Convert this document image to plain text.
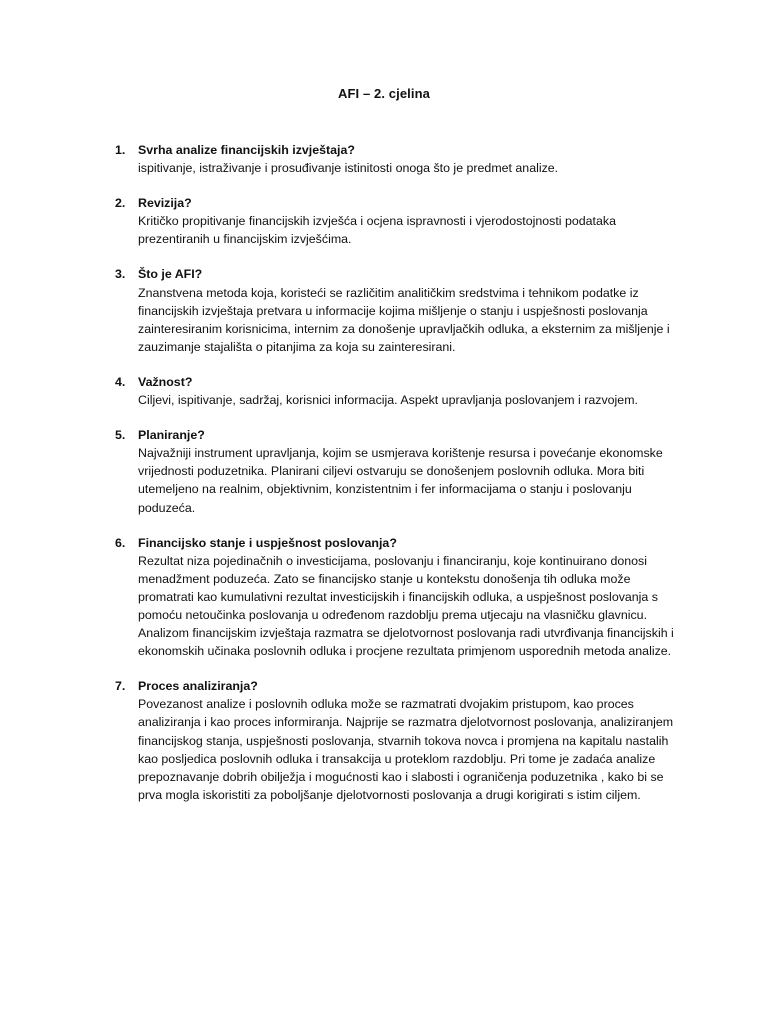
AFI – 2. cjelina
1. Svrha analize financijskih izvještaja?
ispitivanje, istraživanje i prosuđivanje istinitosti onoga što je predmet analize.
2. Revizija?
Kritičko propitivanje financijskih izvješća i ocjena ispravnosti i vjerodostojnosti podataka prezentiranih u financijskim izvješćima.
3. Što je AFI?
Znanstvena metoda koja, koristeći se različitim analitičkim sredstvima i tehnikom podatke iz financijskih izvještaja pretvara u informacije kojima mišljenje o stanju i uspješnosti poslovanja zainteresiranim korisnicima, internim za donošenje upravljačkih odluka, a eksternim za mišljenje i zauzimanje stajališta o pitanjima za koja su zainteresirani.
4. Važnost?
Ciljevi, ispitivanje, sadržaj, korisnici informacija. Aspekt upravljanja poslovanjem i razvojem.
5. Planiranje?
Najvažniji instrument upravljanja, kojim se usmjerava korištenje resursa i povećanje ekonomske vrijednosti poduzetnika. Planirani ciljevi ostvaruju se donošenjem poslovnih odluka. Mora biti utemeljeno na realnim, objektivnim, konzistentnim i fer informacijama o stanju i poslovanju poduzeća.
6. Financijsko stanje i uspješnost poslovanja?
Rezultat niza pojedinačnih o investicijama, poslovanju i financiranju, koje kontinuirano donosi menadžment poduzeća. Zato se financijsko stanje u kontekstu donošenja tih odluka može promatrati kao kumulativni rezultat investicijskih i financijskih odluka, a uspješnost poslovanja s pomoću netoučinka poslovanja u određenom razdoblju prema utjecaju na vlasničku glavnicu. Analizom financijskim izvještaja razmatra se djelotvornost poslovanja radi utvrđivanja financijskih i ekonomskih učinaka poslovnih odluka i procjene rezultata primjenom usporednih metoda analize.
7. Proces analiziranja?
Povezanost analize i poslovnih odluka može se razmatrati dvojakim pristupom, kao proces analiziranja i kao proces informiranja. Najprije se razmatra djelotvornost poslovanja, analiziranjem financijskog stanja, uspješnosti poslovanja, stvarnih tokova novca i promjena na kapitalu nastalih kao posljedica poslovnih odluka i transakcija u proteklom razdoblju. Pri tome je zadaća analize prepoznavanje dobrih obilježja i mogućnosti kao i slabosti i ograničenja poduzetnika , kako bi se prva mogla iskoristiti za poboljšanje djelotvornosti poslovanja a drugi korigirati s istim ciljem.
